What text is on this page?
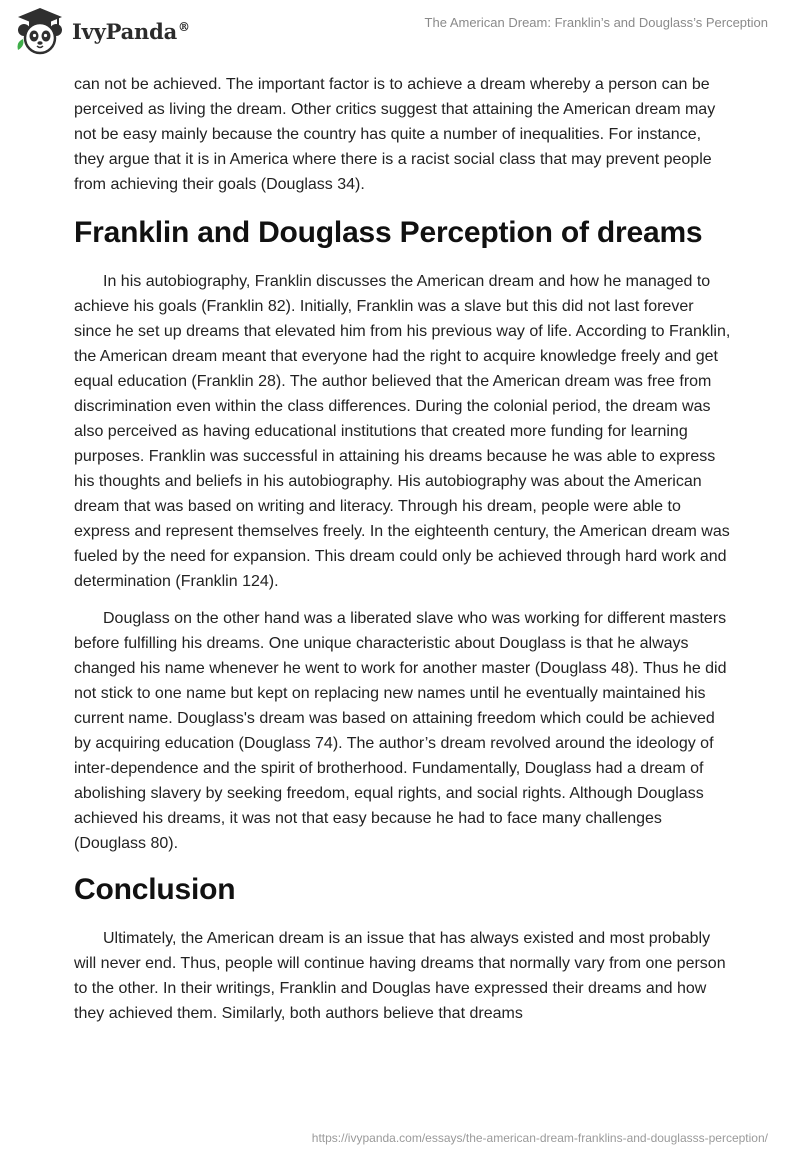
IvyPanda®	The American Dream: Franklin’s and Douglass’s Perception

can not be achieved. The important factor is to achieve a dream whereby a person can be perceived as living the dream. Other critics suggest that attaining the American dream may not be easy mainly because the country has quite a number of inequalities. For instance, they argue that it is in America where there is a racist social class that may prevent people from achieving their goals (Douglass 34).

Franklin and Douglass Perception of dreams

In his autobiography, Franklin discusses the American dream and how he managed to achieve his goals (Franklin 82). Initially, Franklin was a slave but this did not last forever since he set up dreams that elevated him from his previous way of life. According to Franklin, the American dream meant that everyone had the right to acquire knowledge freely and get equal education (Franklin 28). The author believed that the American dream was free from discrimination even within the class differences. During the colonial period, the dream was also perceived as having educational institutions that created more funding for learning purposes. Franklin was successful in attaining his dreams because he was able to express his thoughts and beliefs in his autobiography. His autobiography was about the American dream that was based on writing and literacy. Through his dream, people were able to express and represent themselves freely. In the eighteenth century, the American dream was fueled by the need for expansion. This dream could only be achieved through hard work and determination (Franklin 124).

Douglass on the other hand was a liberated slave who was working for different masters before fulfilling his dreams. One unique characteristic about Douglass is that he always changed his name whenever he went to work for another master (Douglass 48). Thus he did not stick to one name but kept on replacing new names until he eventually maintained his current name. Douglass's dream was based on attaining freedom which could be achieved by acquiring education (Douglass 74). The author’s dream revolved around the ideology of inter-dependence and the spirit of brotherhood. Fundamentally, Douglass had a dream of abolishing slavery by seeking freedom, equal rights, and social rights. Although Douglass achieved his dreams, it was not that easy because he had to face many challenges (Douglass 80).

Conclusion

Ultimately, the American dream is an issue that has always existed and most probably will never end. Thus, people will continue having dreams that normally vary from one person to the other. In their writings, Franklin and Douglas have expressed their dreams and how they achieved them. Similarly, both authors believe that dreams

https://ivypanda.com/essays/the-american-dream-franklins-and-douglasss-perception/
